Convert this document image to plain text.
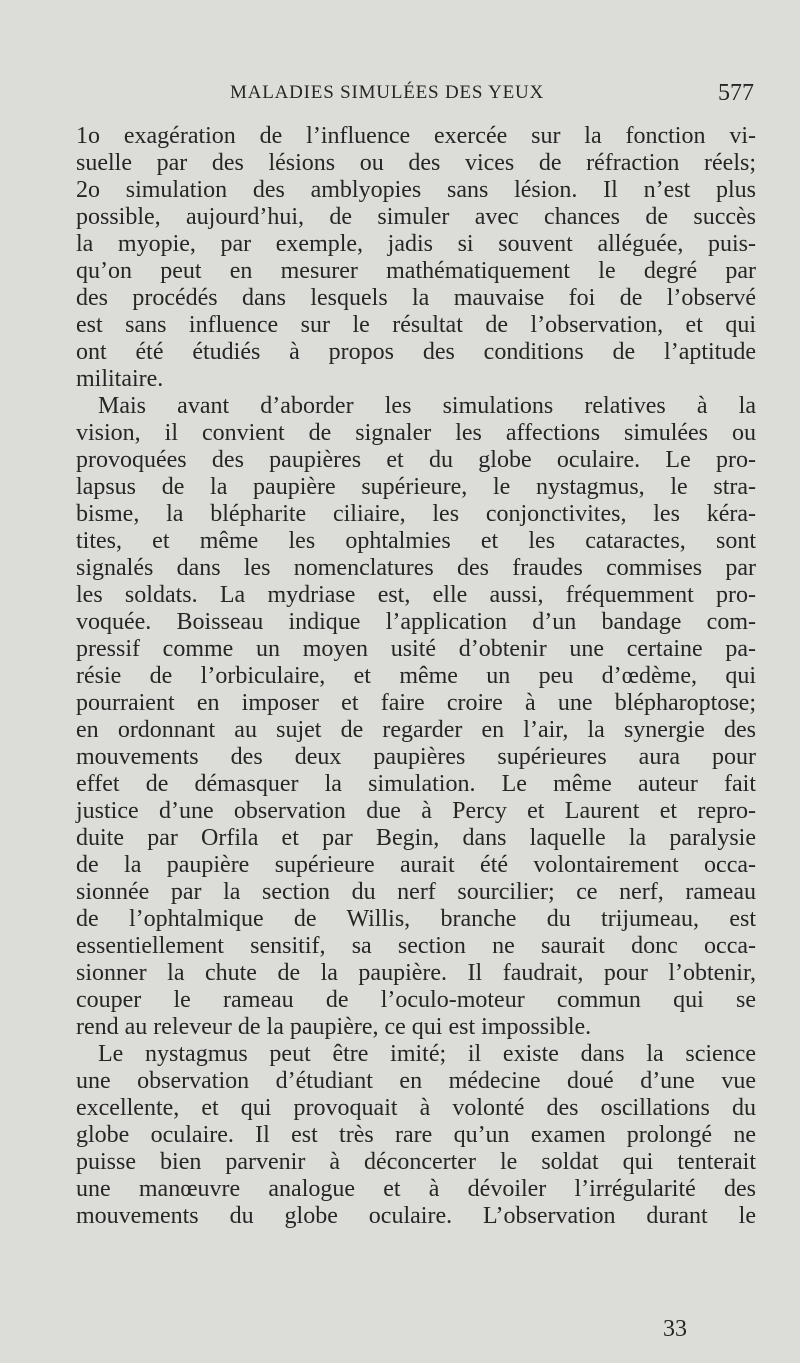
MALADIES SIMULÉES DES YEUX	577
1o exagération de l’influence exercée sur la fonction vi-
suelle par des lésions ou des vices de réfraction réels;
2o simulation des amblyopies sans lésion. Il n’est plus
possible, aujourd’hui, de simuler avec chances de succès
la myopie, par exemple, jadis si souvent alléguée, puis-
qu’on peut en mesurer mathématiquement le degré par
des procédés dans lesquels la mauvaise foi de l’observé
est sans influence sur le résultat de l’observation, et qui
ont été étudiés à propos des conditions de l’aptitude
militaire.
Mais avant d’aborder les simulations relatives à la
vision, il convient de signaler les affections simulées ou
provoquées des paupières et du globe oculaire. Le pro-
lapsus de la paupière supérieure, le nystagmus, le stra-
bisme, la blépharite ciliaire, les conjonctivites, les kéra-
tites, et même les ophtalmies et les cataractes, sont
signalés dans les nomenclatures des fraudes commises par
les soldats. La mydriase est, elle aussi, fréquemment pro-
voquée. Boisseau indique l’application d’un bandage com-
pressif comme un moyen usité d’obtenir une certaine pa-
résie de l’orbiculaire, et même un peu d’œdème, qui
pourraient en imposer et faire croire à une blépharoptose;
en ordonnant au sujet de regarder en l’air, la synergie des
mouvements des deux paupières supérieures aura pour
effet de démasquer la simulation. Le même auteur fait
justice d’une observation due à Percy et Laurent et repro-
duite par Orfila et par Begin, dans laquelle la paralysie
de la paupière supérieure aurait été volontairement occa-
sionnée par la section du nerf sourcilier; ce nerf, rameau
de l’ophtalmique de Willis, branche du trijumeau, est
essentiellement sensitif, sa section ne saurait donc occa-
sionner la chute de la paupière. Il faudrait, pour l’obtenir,
couper le rameau de l’oculo-moteur commun qui se
rend au releveur de la paupière, ce qui est impossible.
Le nystagmus peut être imité; il existe dans la science
une observation d’étudiant en médecine doué d’une vue
excellente, et qui provoquait à volonté des oscillations du
globe oculaire. Il est très rare qu’un examen prolongé ne
puisse bien parvenir à déconcerter le soldat qui tenterait
une manœuvre analogue et à dévoiler l’irrégularité des
mouvements du globe oculaire. L’observation durant le
33
